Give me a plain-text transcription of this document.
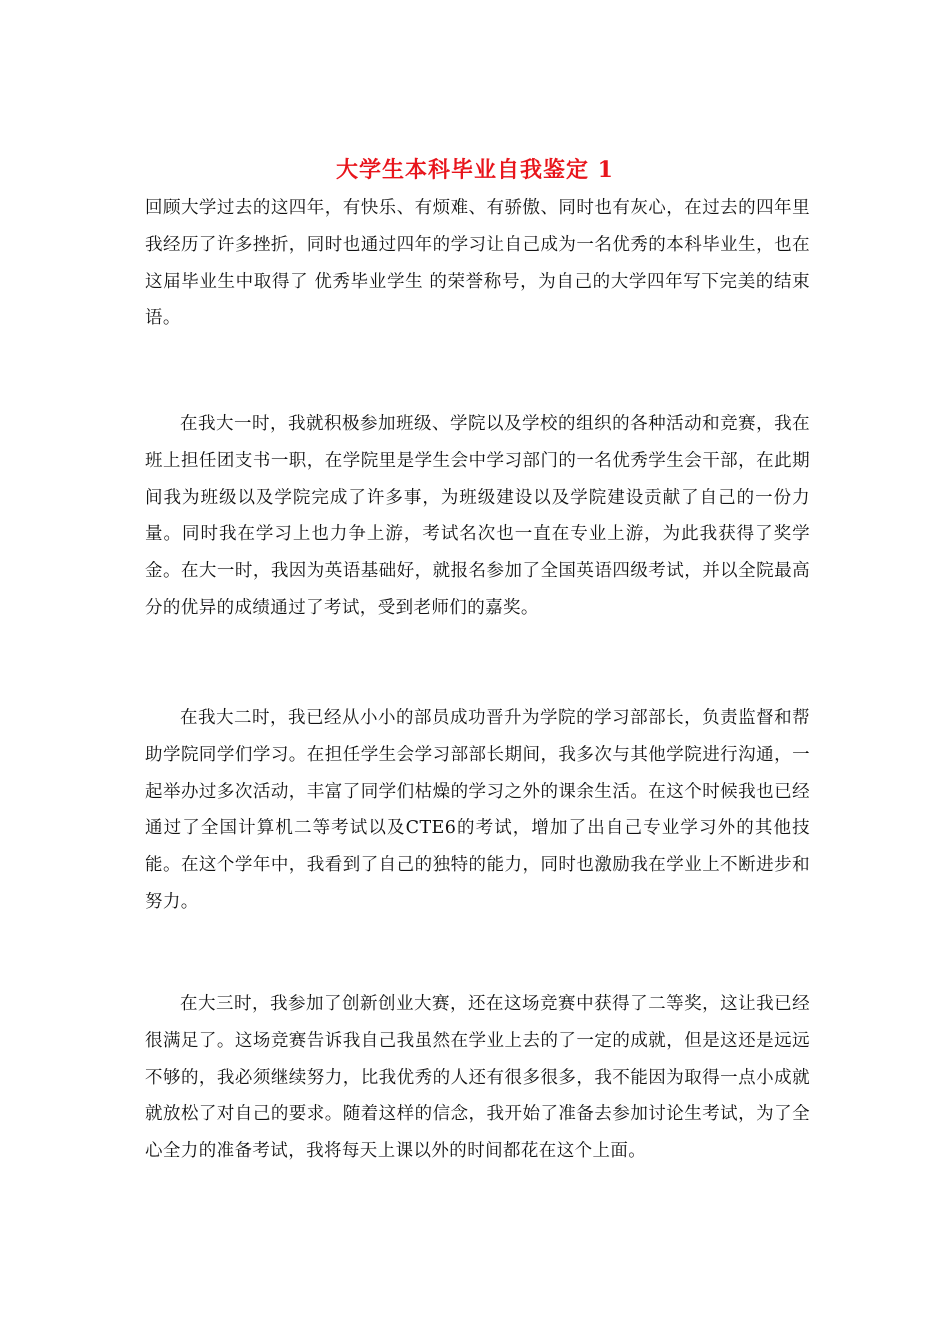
大学生本科毕业自我鉴定 1

回顾大学过去的这四年，有快乐、有烦难、有骄傲、同时也有灰心，在过去的四年里我经历了许多挫折，同时也通过四年的学习让自己成为一名优秀的本科毕业生，也在这届毕业生中取得了 优秀毕业学生 的荣誉称号，为自己的大学四年写下完美的结束语。

在我大一时，我就积极参加班级、学院以及学校的组织的各种活动和竞赛，我在班上担任团支书一职，在学院里是学生会中学习部门的一名优秀学生会干部，在此期间我为班级以及学院完成了许多事，为班级建设以及学院建设贡献了自己的一份力量。同时我在学习上也力争上游，考试名次也一直在专业上游，为此我获得了奖学金。在大一时，我因为英语基础好，就报名参加了全国英语四级考试，并以全院最高分的优异的成绩通过了考试，受到老师们的嘉奖。

在我大二时，我已经从小小的部员成功晋升为学院的学习部部长，负责监督和帮助学院同学们学习。在担任学生会学习部部长期间，我多次与其他学院进行沟通，一起举办过多次活动，丰富了同学们枯燥的学习之外的课余生活。在这个时候我也已经通过了全国计算机二等考试以及CTE6的考试，增加了出自己专业学习外的其他技能。在这个学年中，我看到了自己的独特的能力，同时也激励我在学业上不断进步和努力。

在大三时，我参加了创新创业大赛，还在这场竞赛中获得了二等奖，这让我已经很满足了。这场竞赛告诉我自己我虽然在学业上去的了一定的成就，但是这还是远远不够的，我必须继续努力，比我优秀的人还有很多很多，我不能因为取得一点小成就就放松了对自己的要求。随着这样的信念，我开始了准备去参加讨论生考试，为了全心全力的准备考试，我将每天上课以外的时间都花在这个上面。
